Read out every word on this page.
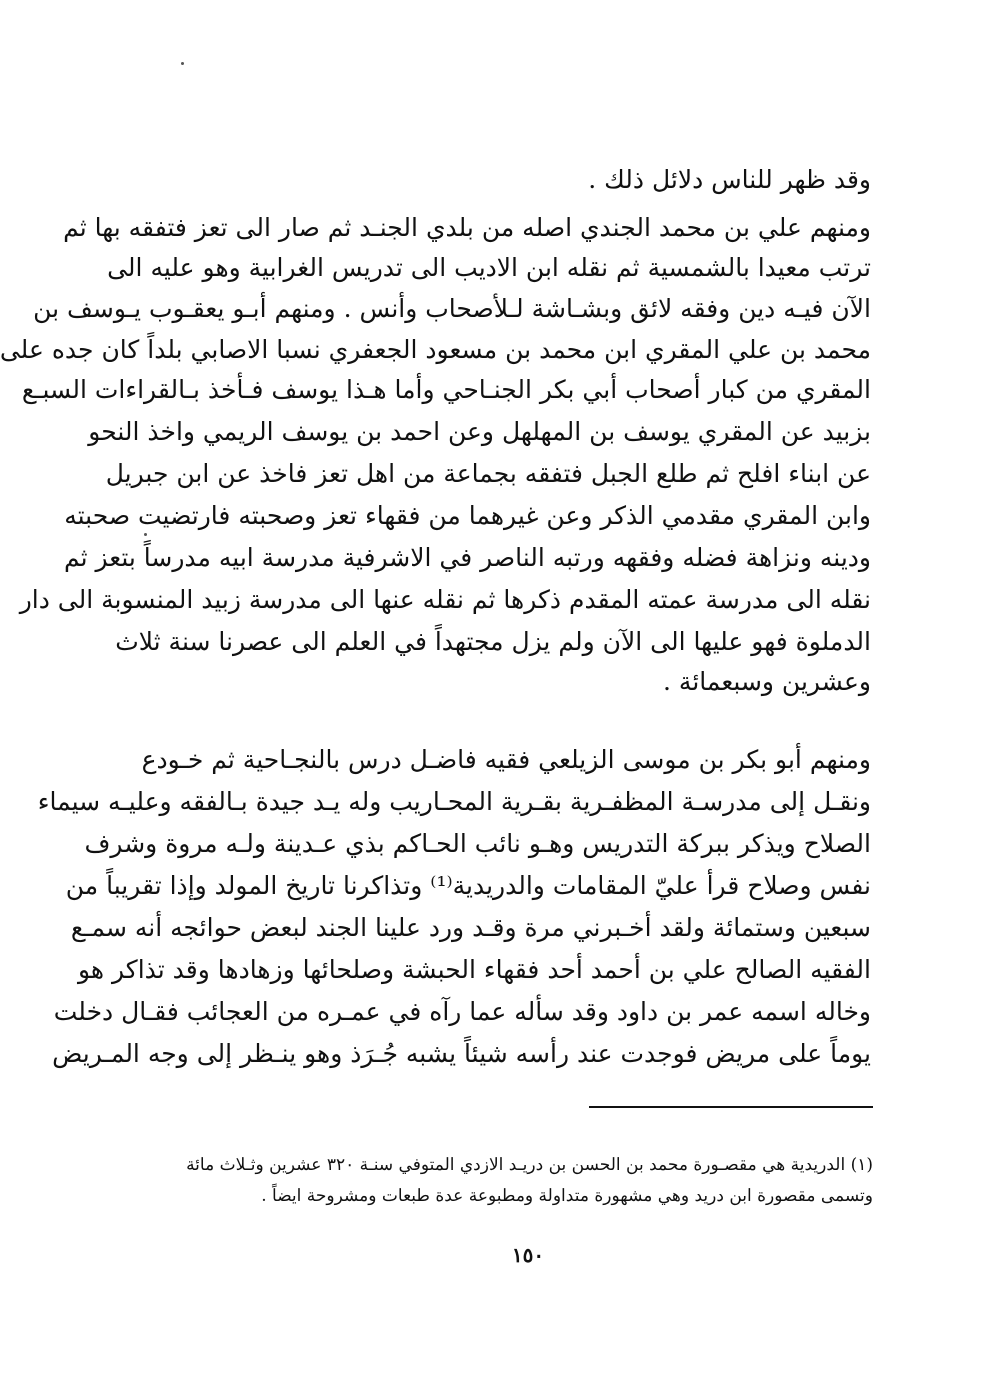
وقد ظهر للناس دلائل ذلك .
ومنهم علي بن محمد الجندي اصله من بلدي الجنـد ثم صار الى تعز فتفقه بها ثم
ترتب معيدا بالشمسية ثم نقله ابن الاديب الى تدريس الغرابية وهو عليه الى
الآن فيـه دين وفقه لائق وبشـاشة لـلأصحاب وأنس . ومنهم أبـو يعقـوب يـوسف بن
محمد بن علي المقري ابن محمد بن مسعود الجعفري نسبا الاصابي بلداً كان جده على
المقري من كبار أصحاب أبي بكر الجنـاحي وأما هـذا يوسف فـأخذ بـالقراءات السبـع
بزبيد عن المقري يوسف بن المهلهل وعن احمد بن يوسف الريمي واخذ النحو
عن ابناء افلح ثم طلع الجبل فتفقه بجماعة من اهل تعز فاخذ عن ابن جبريل
وابن المقري مقدمي الذكر وعن غيرهما من فقهاء تعز وصحبته فارتضيت صحبته
ودينه ونزاهة فضله وفقهه ورتبه الناصر في الاشرفية مدرسة ابيه مدرساً بتعز ثم
نقله الى مدرسة عمته المقدم ذكرها ثم نقله عنها الى مدرسة زبيد المنسوبة الى دار
الدملوة فهو عليها الى الآن ولم يزل مجتهداً في العلم الى عصرنا سنة ثلاث
وعشرين وسبعمائة .
ومنهم أبو بكر بن موسى الزيلعي فقيه فاضـل درس بالنجـاحية ثم خـودع
ونقـل إلى مدرسـة المظفـرية بقـرية المحـاريب وله يـد جيدة بـالفقه وعليـه سيماء
الصلاح ويذكر ببركة التدريس وهـو نائب الحـاكم بذي عـدينة ولـه مروة وشرف
نفس وصلاح قرأ عليّ المقامات والدريدية⁽¹⁾ وتذاكرنا تاريخ المولد وإذا تقريباً من
سبعين وستمائة ولقد أخـبرني مرة وقـد ورد علينا الجند لبعض حوائجه أنه سمـع
الفقيه الصالح علي بن أحمد أحد فقهاء الحبشة وصلحائها وزهادها وقد تذاكر هو
وخاله اسمه عمر بن داود وقد سأله عما رآه في عمـره من العجائب فقـال دخلت
يوماً على مريض فوجدت عند رأسه شيئاً يشبه جُـرَذ وهو ينـظر إلى وجه المـريض
(١) الدريدية هي مقصـورة محمد بن الحسن بن دريـد الازدي المتوفي سنـة ٣٢٠ عشرين وثـلاث مائة
وتسمى مقصورة ابن دريد وهي مشهورة متداولة ومطبوعة عدة طبعات ومشروحة ايضاً .
١٥٠
